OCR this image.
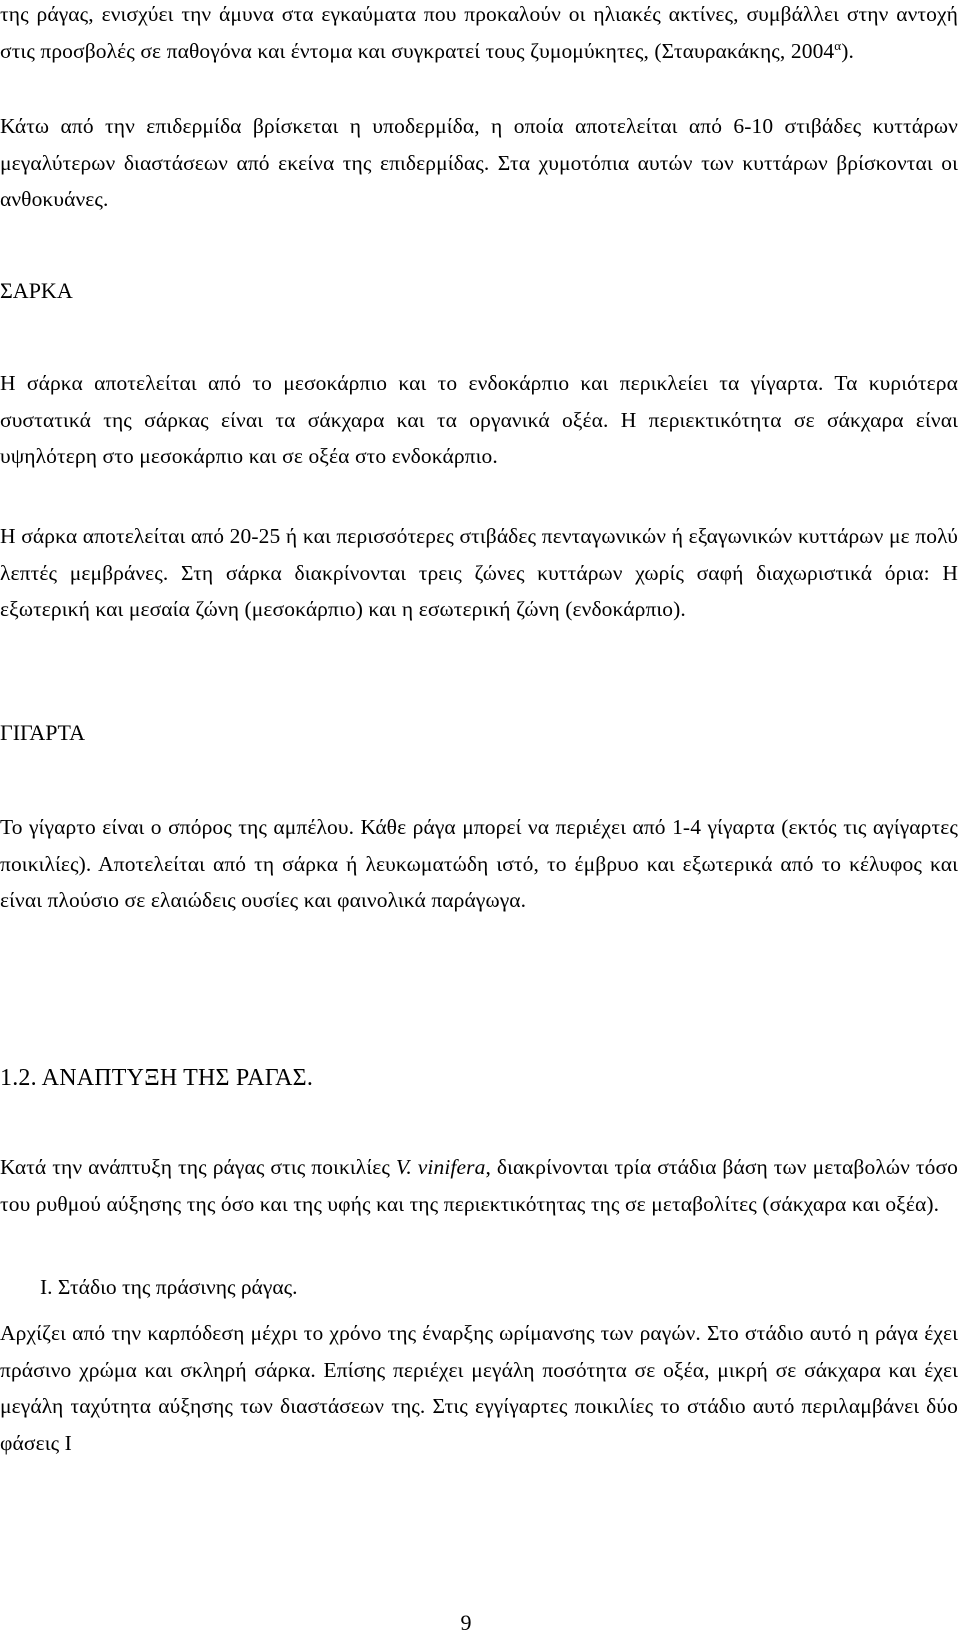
της ράγας, ενισχύει την άμυνα στα εγκαύματα που προκαλούν οι ηλιακές ακτίνες, συμβάλλει στην αντοχή στις προσβολές σε παθογόνα και έντομα και συγκρατεί τους ζυμομύκητες, (Σταυρακάκης, $2004^\alpha$).

Κάτω από την επιδερμίδα βρίσκεται η υποδερμίδα, η οποία αποτελείται από 6-10 στιβάδες κυττάρων μεγαλύτερων διαστάσεων από εκείνα της επιδερμίδας. Στα χυμοτόπια αυτών των κυττάρων βρίσκονται οι ανθοκυάνες.

ΣΑΡΚΑ

Η σάρκα αποτελείται από το μεσοκάρπιο και το ενδοκάρπιο και περικλείει τα γίγαρτα. Τα κυριότερα συστατικά της σάρκας είναι τα σάκχαρα και τα οργανικά οξέα. Η περιεκτικότητα σε σάκχαρα είναι υψηλότερη στο μεσοκάρπιο και σε οξέα στο ενδοκάρπιο.

Η σάρκα αποτελείται από 20-25 ή και περισσότερες στιβάδες πενταγωνικών ή εξαγωνικών κυττάρων με πολύ λεπτές μεμβράνες. Στη σάρκα διακρίνονται τρεις ζώνες κυττάρων χωρίς σαφή διαχωριστικά όρια: Η εξωτερική και μεσαία ζώνη (μεσοκάρπιο) και η εσωτερική ζώνη (ενδοκάρπιο).

ΓΙΓΑΡΤΑ

Το γίγαρτο είναι ο σπόρος της αμπέλου. Κάθε ράγα μπορεί να περιέχει από 1-4 γίγαρτα (εκτός τις αγίγαρτες ποικιλίες). Αποτελείται από τη σάρκα ή λευκωματώδη ιστό, το έμβρυο και εξωτερικά από το κέλυφος και είναι πλούσιο σε ελαιώδεις ουσίες και φαινολικά παράγωγα.

1.2. ΑΝΑΠΤΥΞΗ ΤΗΣ ΡΑΓΑΣ.

Κατά την ανάπτυξη της ράγας στις ποικιλίες V. vinifera, διακρίνονται τρία στάδια βάση των μεταβολών τόσο του ρυθμού αύξησης της όσο και της υφής και της περιεκτικότητας της σε μεταβολίτες (σάκχαρα και οξέα).

I. Στάδιο της πράσινης ράγας.

Αρχίζει από την καρπόδεση μέχρι το χρόνο της έναρξης ωρίμανσης των ραγών. Στο στάδιο αυτό η ράγα έχει πράσινο χρώμα και σκληρή σάρκα. Επίσης περιέχει μεγάλη ποσότητα σε οξέα, μικρή σε σάκχαρα και έχει μεγάλη ταχύτητα αύξησης των διαστάσεων της. Στις εγγίγαρτες ποικιλίες το στάδιο αυτό περιλαμβάνει δύο φάσεις Ι

9
